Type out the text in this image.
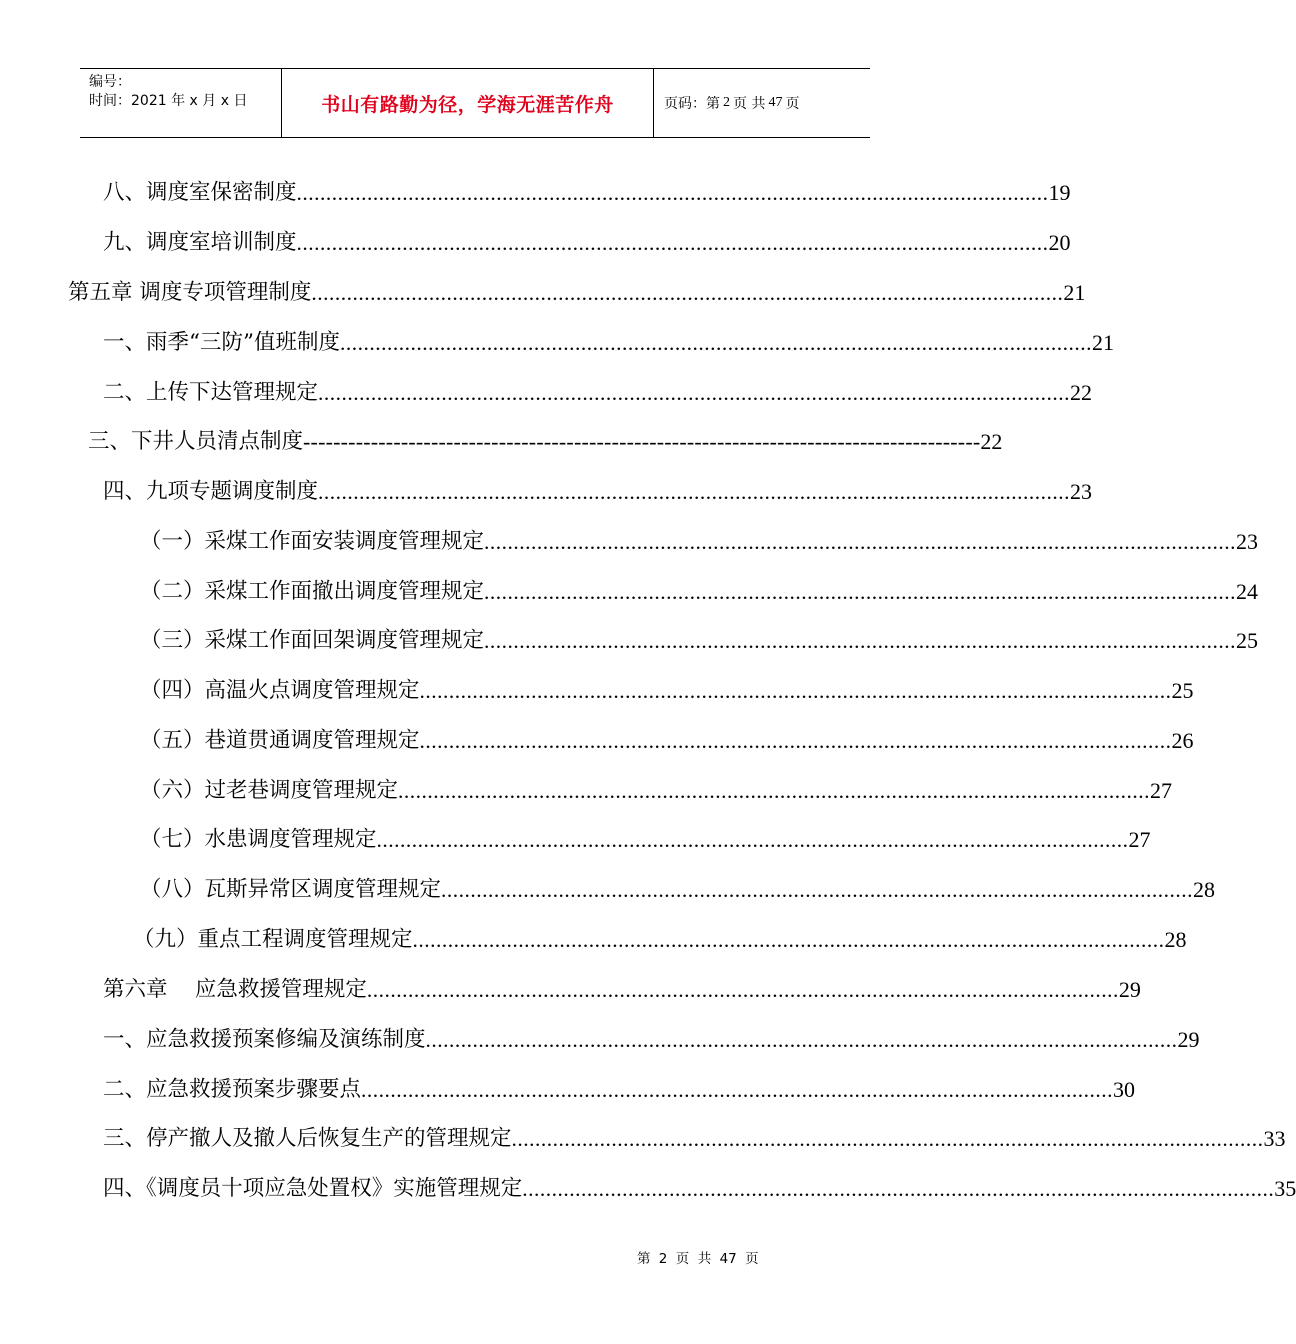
编号：
时间：2021 年 x 月 x 日	书山有路勤为径，学海无涯苦作舟	页码：第 2 页 共 47 页
八、调度室保密制度 ................................................................................................................................ 19
九、调度室培训制度 ................................................................................................................................ 20
第五章 调度专项管理制度 ................................................................................................................................ 21
一、雨季“三防”值班制度 ................................................................................................................................ 21
二、上传下达管理规定 ................................................................................................................................ 22
三、下井人员清点制度 ------------------------------------------------------------------------------------------ 22
四、九项专题调度制度 ................................................................................................................................ 23
（一）采煤工作面安装调度管理规定 ................................................................................................................................ 23
（二）采煤工作面撤出调度管理规定 ................................................................................................................................ 24
（三）采煤工作面回架调度管理规定 ................................................................................................................................ 25
（四）高温火点调度管理规定 ................................................................................................................................ 25
（五）巷道贯通调度管理规定 ................................................................................................................................ 26
（六）过老巷调度管理规定 ................................................................................................................................ 27
（七）水患调度管理规定 ................................................................................................................................ 27
（八）瓦斯异常区调度管理规定 ................................................................................................................................ 28
（九）重点工程调度管理规定 ................................................................................................................................ 28
第六章    应急救援管理规定 ................................................................................................................................ 29
一、应急救援预案修编及演练制度 ................................................................................................................................ 29
二、应急救援预案步骤要点 ................................................................................................................................ 30
三、停产撤人及撤人后恢复生产的管理规定 ................................................................................................................................ 33
四、《调度员十项应急处置权》实施管理规定 ................................................................................................................................ 35
第 2 页  共 47 页
